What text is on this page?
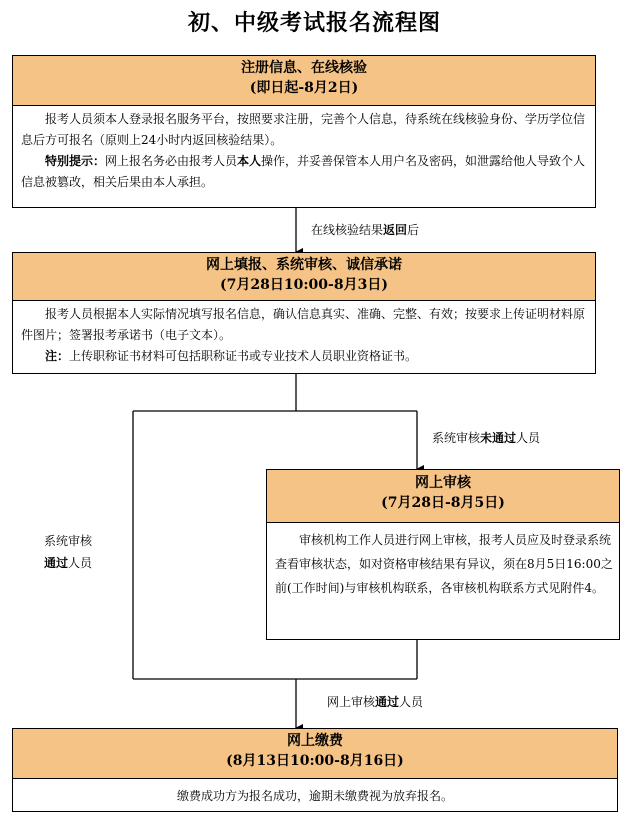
初、中级考试报名流程图
注册信息、在线核验
(即日起-8月2日)

报考人员须本人登录报名服务平台，按照要求注册，完善个人信息，待系统在线核验身份、学历学位信息后方可报名（原则上24小时内返回核验结果）。

特别提示：网上报名务必由报考人员本人操作，并妥善保管本人用户名及密码，如泄露给他人导致个人信息被篡改，相关后果由本人承担。

在线核验结果返回后
网上填报、系统审核、诚信承诺
(7月28日10:00-8月3日)

报考人员根据本人实际情况填写报名信息，确认信息真实、准确、完整、有效；按要求上传证明材料原件图片；签署报考承诺书（电子文本）。

注：上传职称证书材料可包括职称证书或专业技术人员职业资格证书。

系统审核未通过人员
系统审核
通过人员
网上审核
(7月28日-8月5日)

审核机构工作人员进行网上审核，报考人员应及时登录系统查看审核状态，如对资格审核结果有异议，须在8月5日16:00之前(工作时间)与审核机构联系，各审核机构联系方式见附件4。

网上审核通过人员
网上缴费
(8月13日10:00-8月16日)

缴费成功方为报名成功，逾期未缴费视为放弃报名。
